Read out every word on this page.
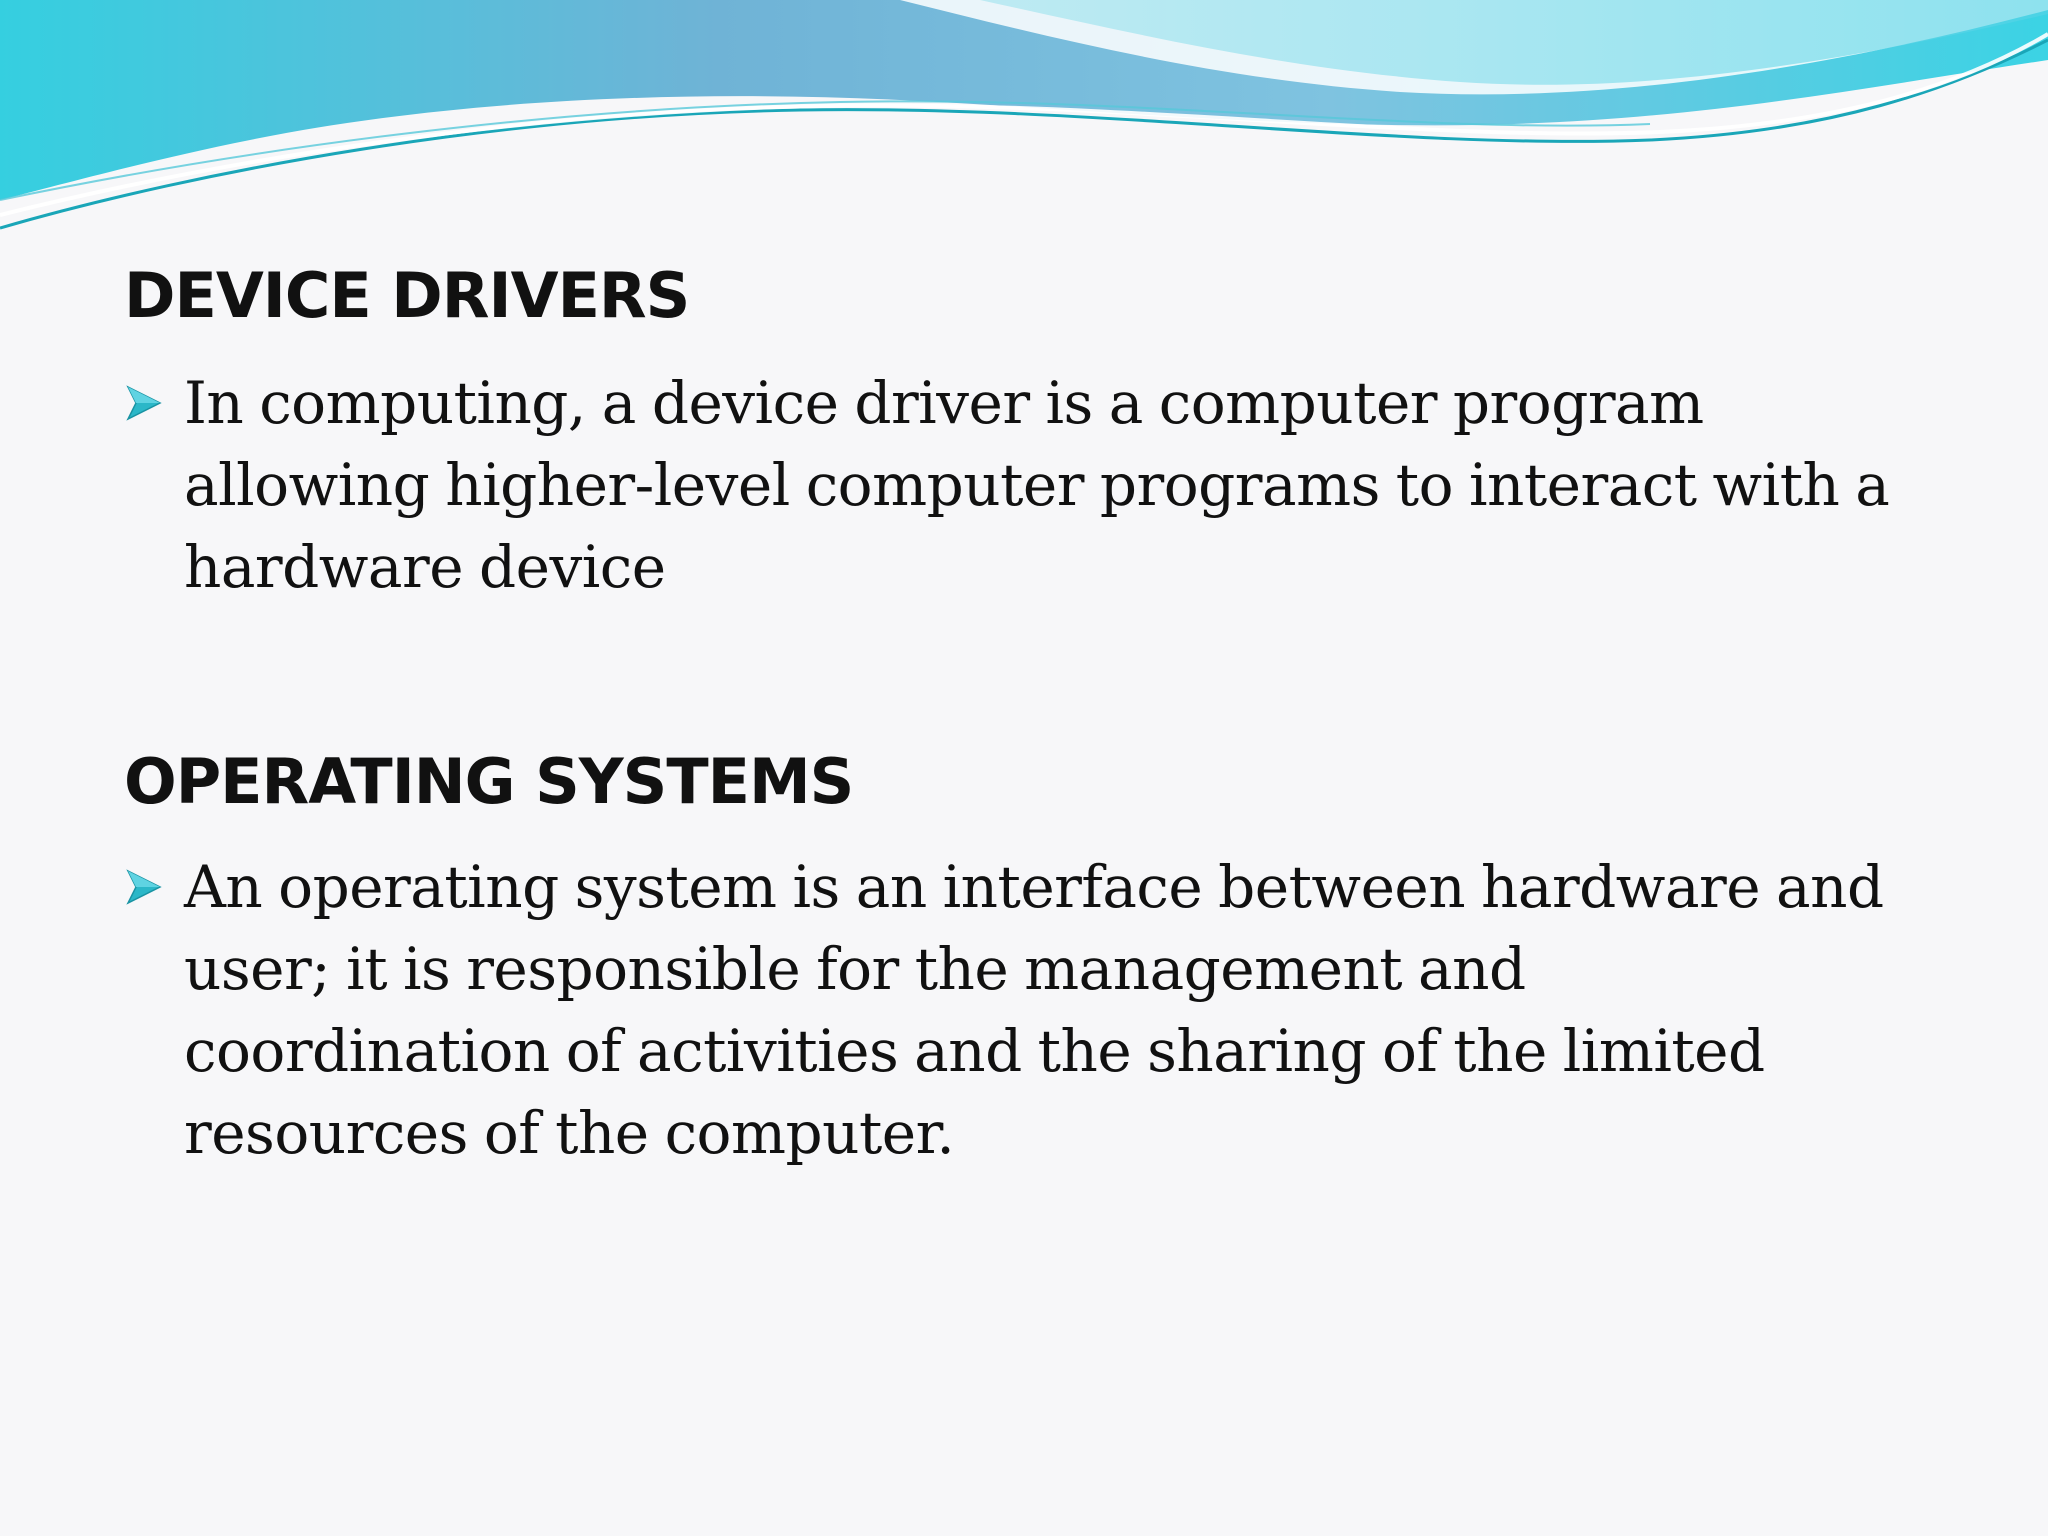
DEVICE DRIVERS
In computing, a device driver is a computer program allowing higher-level computer programs to interact with a hardware device
OPERATING SYSTEMS
An operating system is an interface between hardware and user; it is responsible for the management and coordination of activities and the sharing of the limited resources of the computer.
